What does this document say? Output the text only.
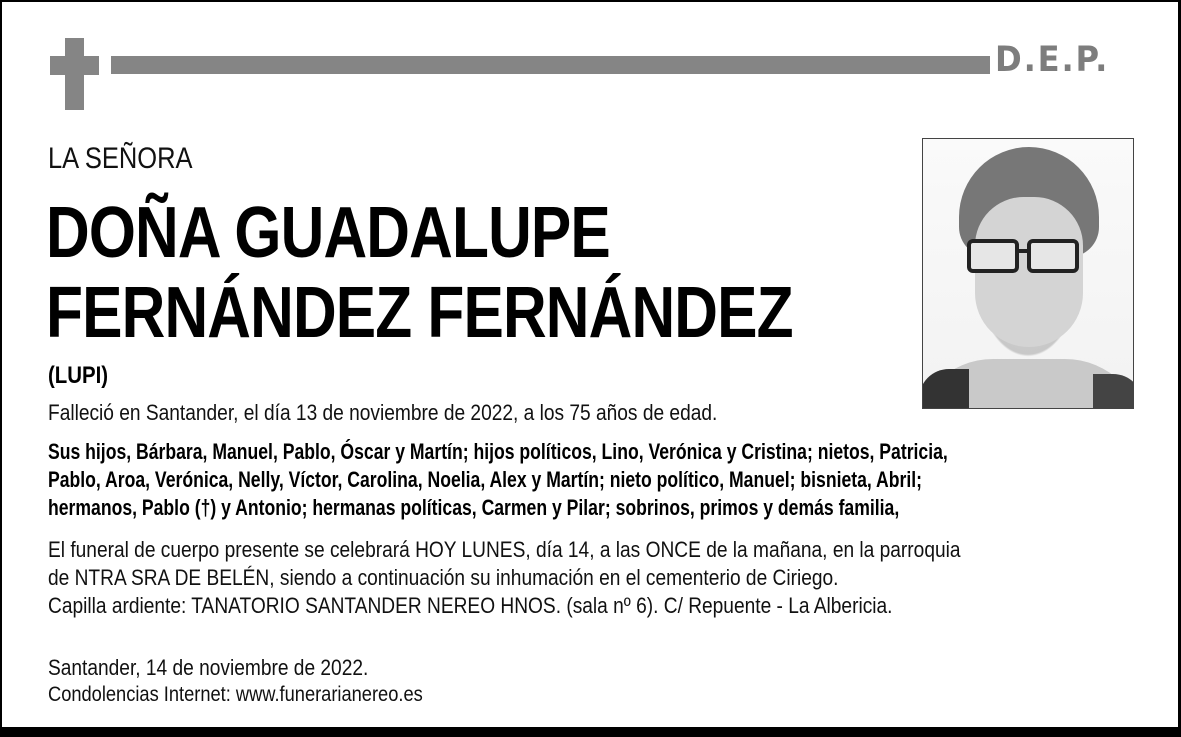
D.E.P.
LA SEÑORA
DOÑA GUADALUPE
FERNÁNDEZ FERNÁNDEZ
(LUPI)
Falleció en Santander, el día 13 de noviembre de 2022, a los 75 años de edad.
Sus hijos, Bárbara, Manuel, Pablo, Óscar y Martín; hijos políticos, Lino, Verónica y Cristina; nietos, Patricia,
Pablo, Aroa, Verónica, Nelly, Víctor, Carolina, Noelia, Alex y Martín; nieto político, Manuel; bisnieta, Abril;
hermanos, Pablo (†) y Antonio; hermanas políticas, Carmen y Pilar; sobrinos, primos y demás familia,
El funeral de cuerpo presente se celebrará HOY LUNES, día 14, a las ONCE de la mañana, en la parroquia
de NTRA SRA DE BELÉN, siendo a continuación su inhumación en el cementerio de Ciriego.
Capilla ardiente: TANATORIO SANTANDER NEREO HNOS. (sala nº 6). C/ Repuente - La Albericia.
Santander, 14 de noviembre de 2022.
Condolencias Internet: www.funerarianereo.es
